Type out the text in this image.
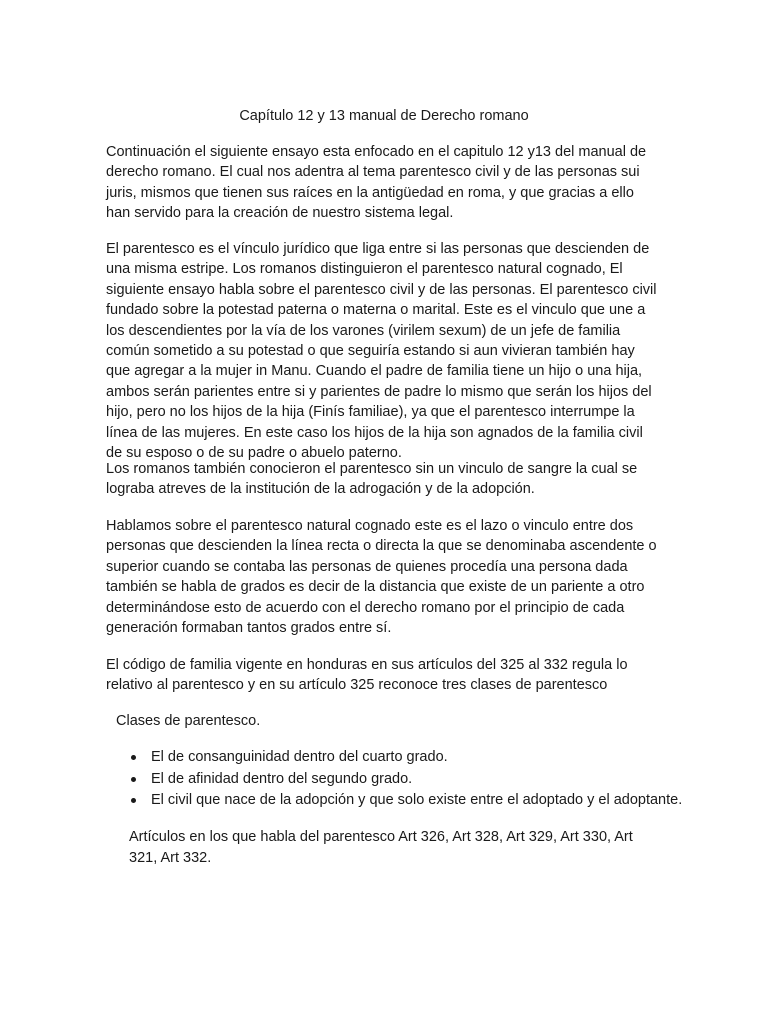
Capítulo 12 y 13 manual de Derecho romano

Continuación el siguiente ensayo esta enfocado en el capitulo 12 y13 del manual de derecho romano. El cual nos adentra al tema parentesco civil y de las personas sui juris, mismos que tienen sus raíces en la antigüedad en roma, y que gracias a ello han servido para la creación de nuestro sistema legal.

El parentesco es el vínculo jurídico que liga entre si las personas que descienden de una misma estripe. Los romanos distinguieron el parentesco natural cognado, El siguiente ensayo habla sobre el parentesco civil y de las personas. El parentesco civil fundado sobre la potestad paterna o materna o marital. Este es el vinculo que une a los descendientes por la vía de los varones (virilem sexum) de un jefe de familia común sometido a su potestad o que seguiría estando si aun vivieran también hay que agregar a la mujer in Manu. Cuando el padre de familia tiene un hijo o una hija, ambos serán parientes entre si y parientes de padre lo mismo que serán los hijos del hijo, pero no los hijos de la hija (Finís familiae), ya que el parentesco interrumpe la línea de las mujeres. En este caso los hijos de la hija son agnados de la familia civil de su esposo o de su padre o abuelo paterno.

Los romanos también conocieron el parentesco sin un vinculo de sangre la cual se lograba atreves de la institución de la adrogación y de la adopción.

Hablamos sobre el parentesco natural cognado este es el lazo o vinculo entre dos personas que descienden la línea recta o directa la que se denominaba ascendente o superior cuando se contaba las personas de quienes procedía una persona dada también se habla de grados es decir de la distancia que existe de un pariente a otro determinándose esto de acuerdo con el derecho romano por el principio de cada generación formaban tantos grados entre sí.

El código de familia vigente en honduras en sus artículos del 325 al 332 regula lo relativo al parentesco y en su artículo 325 reconoce tres clases de parentesco

Clases de parentesco.
El de consanguinidad dentro del cuarto grado.
El de afinidad dentro del segundo grado.
El civil que nace de la adopción y que solo existe entre el adoptado y el adoptante.

Artículos en los que habla del parentesco Art 326, Art 328, Art 329, Art 330, Art 321, Art 332.
